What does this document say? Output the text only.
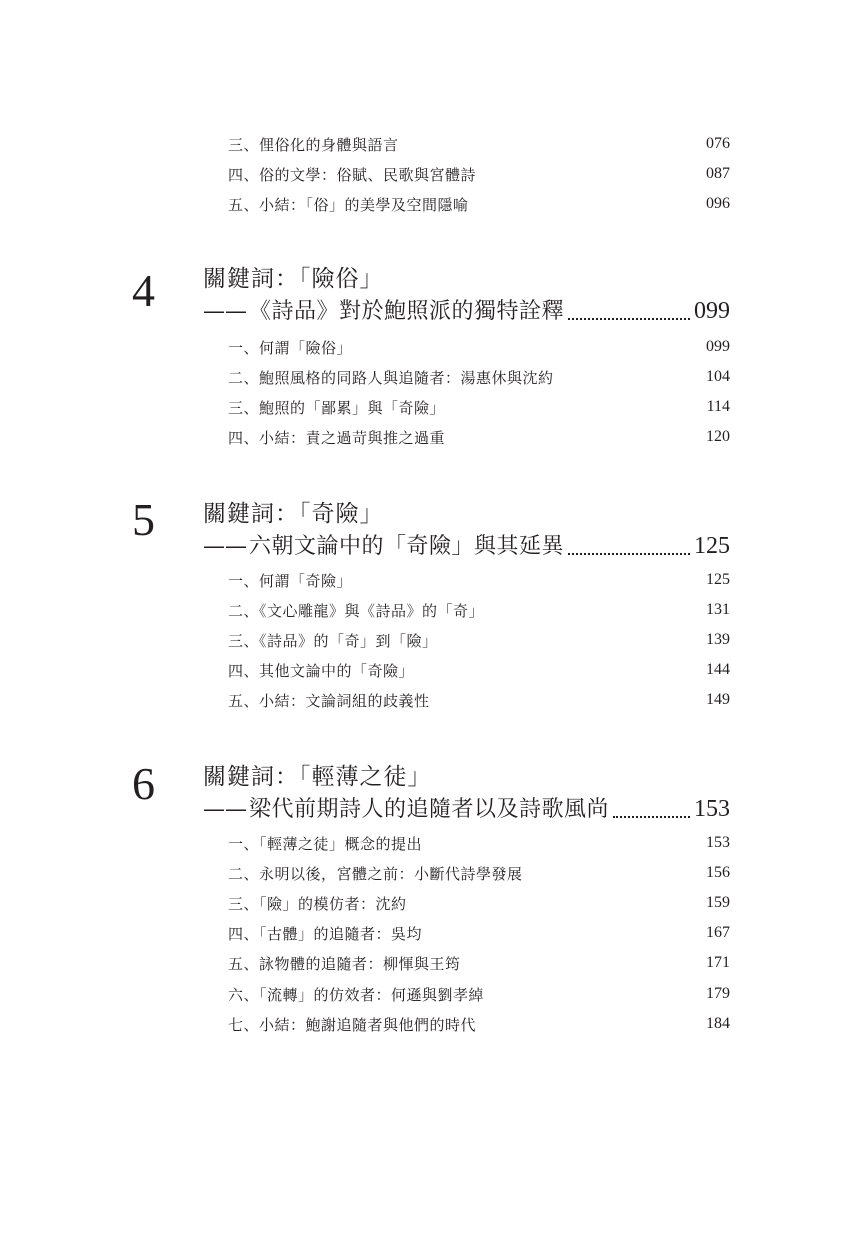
三、俚俗化的身體與語言	076
四、俗的文學：俗賦、民歌與宮體詩	087
五、小結：「俗」的美學及空間隱喻	096
4	關鍵詞：「險俗」
—— 《詩品》對於鮑照派的獨特詮釋	099
一、何謂「險俗」	099
二、鮑照風格的同路人與追隨者：湯惠休與沈約	104
三、鮑照的「鄙累」與「奇險」	114
四、小結：責之過苛與推之過重	120
5	關鍵詞：「奇險」
—— 六朝文論中的「奇險」與其延異	125
一、何謂「奇險」	125
二、《文心雕龍》與《詩品》的「奇」	131
三、《詩品》的「奇」到「險」	139
四、其他文論中的「奇險」	144
五、小結：文論詞組的歧義性	149
6	關鍵詞：「輕薄之徒」
—— 梁代前期詩人的追隨者以及詩歌風尚	153
一、「輕薄之徒」概念的提出	153
二、永明以後，宮體之前：小斷代詩學發展	156
三、「險」的模仿者：沈約	159
四、「古體」的追隨者：吳均	167
五、詠物體的追隨者：柳惲與王筠	171
六、「流轉」的仿效者：何遜與劉孝綽	179
七、小結：鮑謝追隨者與他們的時代	184
